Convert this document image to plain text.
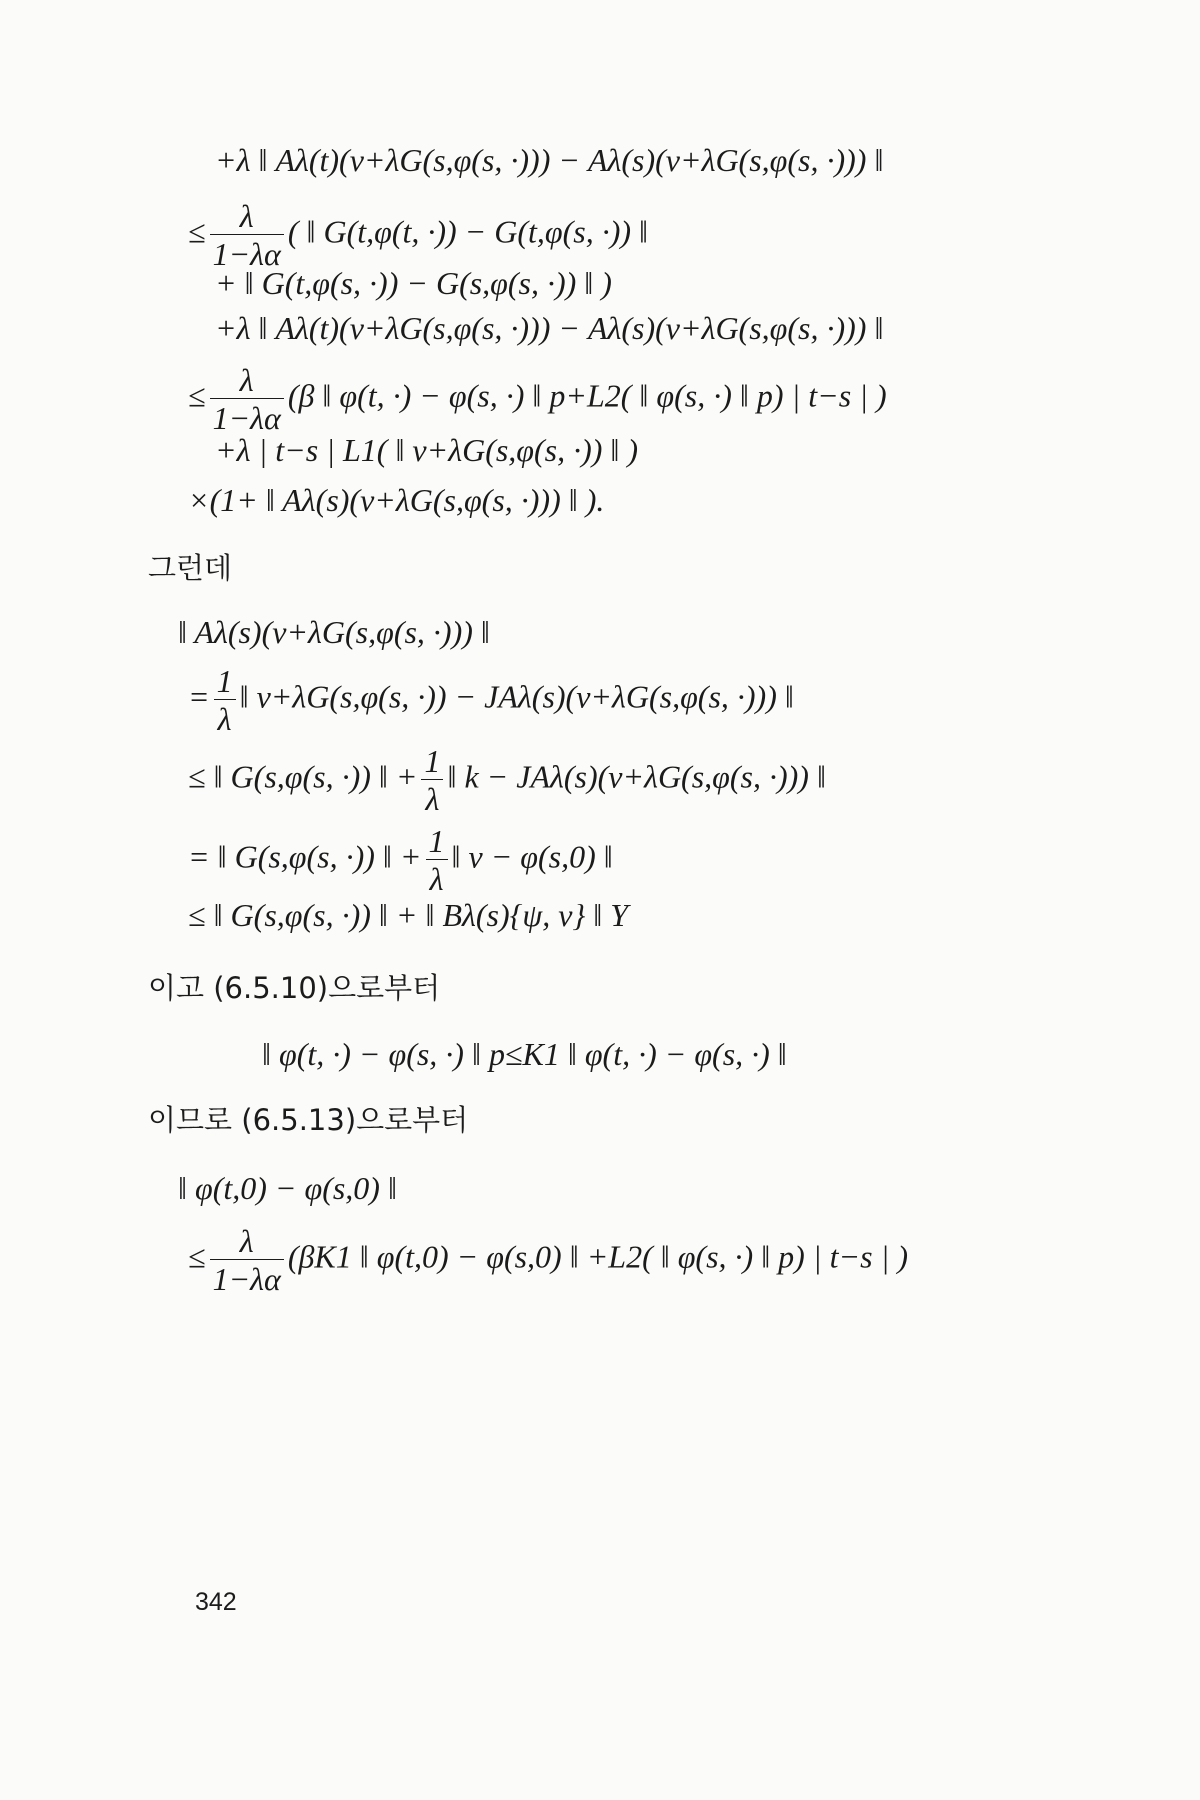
+λ ‖ Aλ(t)(v+λG(s,φ(s, ·))) − Aλ(s)(v+λG(s,φ(s, ·))) ‖
≤ $\frac{\lambda}{1-\lambda\alpha}$ ( ‖ G(t,φ(t, ·)) − G(t,φ(s, ·)) ‖
+ ‖ G(t,φ(s, ·)) − G(s,φ(s, ·)) ‖ )
+λ ‖ Aλ(t)(v+λG(s,φ(s, ·))) − Aλ(s)(v+λG(s,φ(s, ·))) ‖
≤ $\frac{\lambda}{1-\lambda\alpha} (\beta$ ‖ φ(t, ·) − φ(s, ·) ‖ p+L2( ‖ φ(s, ·) ‖ p) | t−s | )
+λ | t−s | L1( ‖ v+λG(s,φ(s, ·)) ‖ )
×(1+ ‖ Aλ(s)(v+λG(s,φ(s, ·))) ‖ ).
그런데
‖ Aλ(s)(v+λG(s,φ(s, ·))) ‖
= $\frac{1}{\lambda}$ ‖ v+λG(s,φ(s, ·)) − JAλ(s)(v+λG(s,φ(s, ·))) ‖
≤ ‖ G(s,φ(s, ·)) ‖ + $\frac{1}{\lambda}$ ‖ k − JAλ(s)(v+λG(s,φ(s, ·))) ‖
= ‖ G(s,φ(s, ·)) ‖ + $\frac{1}{\lambda}$ ‖ v − φ(s,0) ‖
≤ ‖ G(s,φ(s, ·)) ‖ + ‖ Bλ(s){ψ, v} ‖ Y
이고 (6.5.10)으로부터
‖ φ(t, ·) − φ(s, ·) ‖ p≤K1 ‖ φ(t, ·) − φ(s, ·) ‖
이므로 (6.5.13)으로부터
‖ φ(t,0) − φ(s,0) ‖
≤ $\frac{\lambda}{1-\lambda\alpha} (\beta K1$ ‖ φ(t,0) − φ(s,0) ‖ +L2( ‖ φ(s, ·) ‖ p) | t−s | )
342
